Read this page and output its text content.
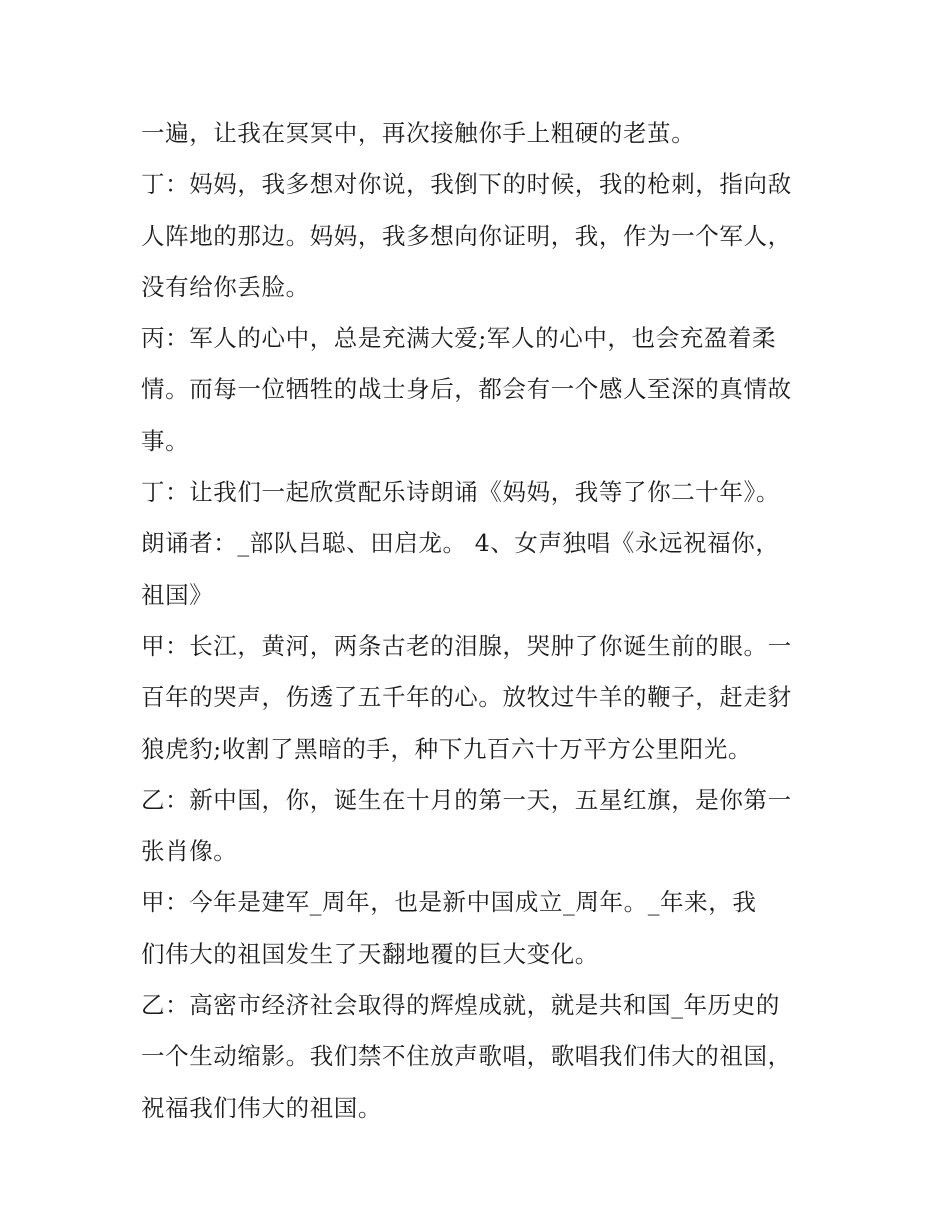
一遍，让我在冥冥中，再次接触你手上粗硬的老茧。
丁：妈妈，我多想对你说，我倒下的时候，我的枪刺，指向敌
人阵地的那边。妈妈，我多想向你证明，我，作为一个军人，
没有给你丢脸。
丙：军人的心中，总是充满大爱;军人的心中，也会充盈着柔
情。而每一位牺牲的战士身后，都会有一个感人至深的真情故
事。
丁：让我们一起欣赏配乐诗朗诵《妈妈，我等了你二十年》。
朗诵者：_部队吕聪、田启龙。 4、女声独唱《永远祝福你，
祖国》
甲：长江，黄河，两条古老的泪腺，哭肿了你诞生前的眼。一
百年的哭声，伤透了五千年的心。放牧过牛羊的鞭子，赶走豺
狼虎豹;收割了黑暗的手，种下九百六十万平方公里阳光。
乙：新中国，你，诞生在十月的第一天，五星红旗，是你第一
张肖像。
甲：今年是建军_周年，也是新中国成立_周年。_年来，我
们伟大的祖国发生了天翻地覆的巨大变化。
乙：高密市经济社会取得的辉煌成就，就是共和国_年历史的
一个生动缩影。我们禁不住放声歌唱，歌唱我们伟大的祖国，
祝福我们伟大的祖国。
